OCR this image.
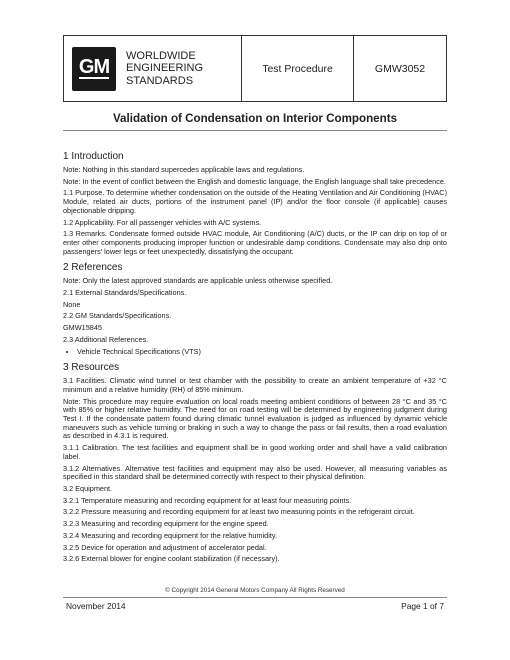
GM
WORLDWIDE
ENGINEERING
STANDARDS
Test Procedure	GMW3052
Validation of Condensation on Interior Components
1 Introduction

Note: Nothing in this standard supercedes applicable laws and regulations.

Note: In the event of conflict between the English and domestic language, the English language shall take precedence.

1.1 Purpose. To determine whether condensation on the outside of the Heating Ventilation and Air Conditioning (HVAC) Module, related air ducts, portions of the instrument panel (IP) and/or the floor console (if applicable) causes objectionable dripping.

1.2 Applicability. For all passenger vehicles with A/C systems.

1.3 Remarks. Condensate formed outside HVAC module, Air Conditioning (A/C) ducts, or the IP can drip on top of or enter other components producing improper function or undesirable damp conditions. Condensate may also drip onto passengers' lower legs or feet unexpectedly, dissatisfying the occupant.

2 References

Note: Only the latest approved standards are applicable unless otherwise specified.

2.1 External Standards/Specifications.

None

2.2 GM Standards/Specifications.

GMW15845

2.3 Additional References.

• Vehicle Technical Specifications (VTS)
3 Resources

3.1 Facilities. Climatic wind tunnel or test chamber with the possibility to create an ambient temperature of +32 °C minimum and a relative humidity (RH) of 85% minimum.

Note: This procedure may require evaluation on local roads meeting ambient conditions of between 28 °C and 35 °C with 85% or higher relative humidity. The need for on road testing will be determined by engineering judgment during Test I. If the condensate pattern found during climatic tunnel evaluation is judged as influenced by dynamic vehicle maneuvers such as vehicle turning or braking in such a way to change the pass or fail results, then a road evaluation as described in 4.3.1 is required.

3.1.1 Calibration. The test facilities and equipment shall be in good working order and shall have a valid calibration label.

3.1.2 Alternatives. Alternative test facilities and equipment may also be used. However, all measuring variables as specified in this standard shall be determined correctly with respect to their physical definition.

3.2 Equipment.

3.2.1 Temperature measuring and recording equipment for at least four measuring points.

3.2.2 Pressure measuring and recording equipment for at least two measuring points in the refrigerant circuit.

3.2.3 Measuring and recording equipment for the engine speed.

3.2.4 Measuring and recording equipment for the relative humidity.

3.2.5 Device for operation and adjustment of accelerator pedal.

3.2.6 External blower for engine coolant stabilization (if necessary).

© Copyright 2014 General Motors Company All Rights Reserved
November 2014	Page 1 of 7
